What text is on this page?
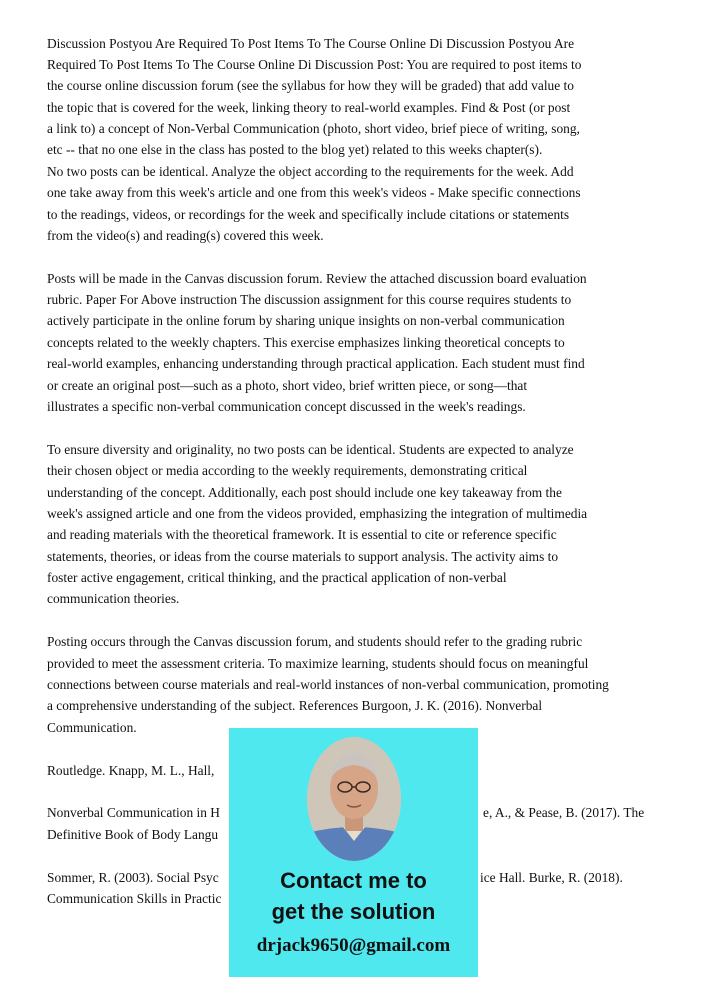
Discussion Postyou Are Required To Post Items To The Course Online Di Discussion Postyou Are
Required To Post Items To The Course Online Di Discussion Post: You are required to post items to
the course online discussion forum (see the syllabus for how they will be graded) that add value to
the topic that is covered for the week, linking theory to real-world examples. Find & Post (or post
a link to) a concept of Non-Verbal Communication (photo, short video, brief piece of writing, song,
etc -- that no one else in the class has posted to the blog yet) related to this weeks chapter(s).
No two posts can be identical. Analyze the object according to the requirements for the week. Add
one take away from this week's article and one from this week's videos - Make specific connections
to the readings, videos, or recordings for the week and specifically include citations or statements
from the video(s) and reading(s) covered this week.
Posts will be made in the Canvas discussion forum. Review the attached discussion board evaluation
rubric. Paper For Above instruction The discussion assignment for this course requires students to
actively participate in the online forum by sharing unique insights on non-verbal communication
concepts related to the weekly chapters. This exercise emphasizes linking theoretical concepts to
real-world examples, enhancing understanding through practical application. Each student must find
or create an original post—such as a photo, short video, brief written piece, or song—that
illustrates a specific non-verbal communication concept discussed in the week's readings.
To ensure diversity and originality, no two posts can be identical. Students are expected to analyze
their chosen object or media according to the weekly requirements, demonstrating critical
understanding of the concept. Additionally, each post should include one key takeaway from the
week's assigned article and one from the videos provided, emphasizing the integration of multimedia
and reading materials with the theoretical framework. It is essential to cite or reference specific
statements, theories, or ideas from the course materials to support analysis. The activity aims to
foster active engagement, critical thinking, and the practical application of non-verbal
communication theories.
Posting occurs through the Canvas discussion forum, and students should refer to the grading rubric
provided to meet the assessment criteria. To maximize learning, students should focus on meaningful
connections between course materials and real-world instances of non-verbal communication, promoting
a comprehensive understanding of the subject. References Burgoon, J. K. (2016). Nonverbal
Communication.
Routledge. Knapp, M. L., Hall,
Nonverbal Communication in H	e, A., & Pease, B. (2017). The
Definitive Book of Body Langu
Sommer, R. (2003). Social Psyc	ice Hall. Burke, R. (2018).
Communication Skills in Practic
Contact me to
get the solution
drjack9650@gmail.com
